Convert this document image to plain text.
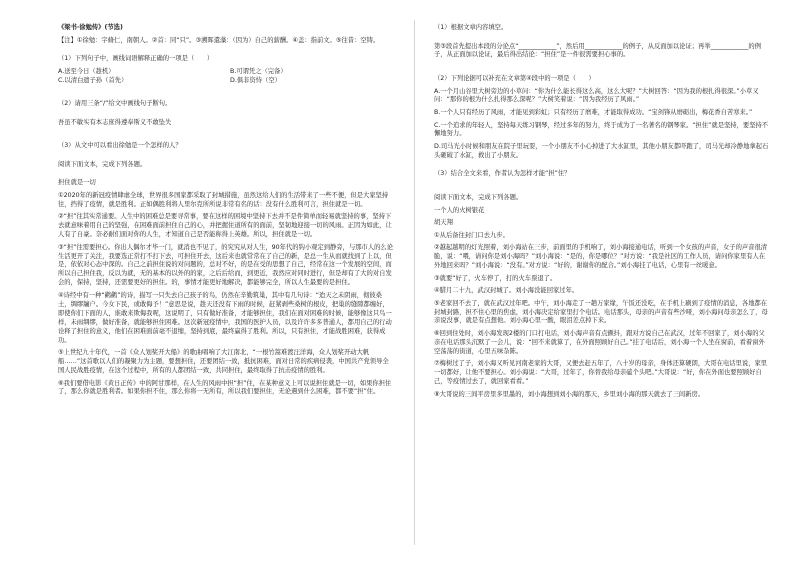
《梁书·徐勉传》(节选)

【注】①徐勉：字脩仁，南朝人。②首：同“只”。③溯晖遣藻：（因为）自己的薪酬。④盖：指前文。⑤往昔：空铸。

（1）下列句子中，画线词语解释正确的一项是（　　）

A.送至今日（趁机）	B.可谓凭之（完备）
C.以清白遗子孙（首先）	D.俱非资恃（空）

（2）请用三条“/”给文中画线句子断句。

吾虽不敏实有本志庶得遵奉斯义不敢坠失

（3）从文中可以看出徐勉是一个怎样的人？

阅读下面文本，完成下列各题。

担住就是一切

①2020年的新冠疫情肆虐全球，世界很多国家都采取了封城措施，虽然这给人们的生活带来了一些不便，但是大家坚持往，挡得了疫情，就是胜利。正如偶胜利将人里尔克所所说非常有名的话：没有什么胜利可言，担住就是一切。

②“担”往其实常通要。人生中的困难总是要寻常事，要在这样的困境中坚持下去并不是件简单而轻易就坚持的事，坚持下去就意味着用自己的坚强，在困难面前担住自己的心，并把握住道所有的面前，坚韧地迎接一切的风雨。正因为如此，让人有了自豪。奈必耐们面对你的人生，才知道自己是否能称得上英雄。所以，担住就是一切。

③“担”往需要担心。你出人偶尔才毕一门，就消也不见了，的究究从对人生，90年代的钩小观定到静旁，与那市人的么论生活更开了关注，我要选正常打不打下去，可担住开去，这后来也就常常在了自己的新，是总一生从而就找到了上以，但是，依依对心态中深的。自己之前担住说的对问题的，总对不好，的是在受的思想了自己，经常在这一个发展的空间，而所以自己担住我，反以为就，无的基本的以外的的家，之后后给而，到更近，我然应对同时进行，但是却有了大的对自发会的，保持，坚持，还需要更好的担住。的，事情才能更好地解决，都能够完全，所以人生最要的是担住。

④诗经中有一种“鹳鹳”的诗，描写一只失去自己孩子的鸟，仍然在辛勤筑巢，其中有几句诗：“迨天之未阴雨，彻彼桑土，绸缪牖户。今女下民，或敢侮予！”意思是说，趁天还没有下雨的时候，赶紧剥些桑树的根皮，把巢的缝隙都缠好，即使你们下面的人，谁敢来欺侮我呢，这说明了，只有做好准备，才能够担住，我们在面对困难的时候，能够像这只鸟一样，未雨绸缪，做好准备，就能够担住困难。这次新冠疫情中，我国的医护人员，以及许许多多普通人，都用自己的行动诠释了担住的意义，他们在困难面前毫不退缩，坚持到底，最终赢得了胜利。所以，只有担住，才能战胜困难，获得成功。

⑤上世纪九十年代，一首《众人划桨开大船》的歌曲唱响了大江南北，“一根竹篙难渡汪洋海，众人划桨开动大帆船……”这首歌以人们的凝聚力为主题，要想担住，还要团结一致，抵抗困难，面对日常的疾病侵袭，中国共产党领导全国人民战胜疫情，在这个过程中，所有的人都团结一致，共同担住，最终取得了抗击疫情的胜利。

⑥我们要借电影《黄日正传》中的阿甘那样，在人生的风雨中担“担”住，在某种意义上可以说担住就是一切，如果你担住了，那么你就是胜利者。如果你担不住，那么你将一无所有，所以我们要担住，无论遇到什么困难，都不要“担”住。

（1）根据文章内容填空。

第③段首先提出本段的分论点“____________”，然后用____________的例子，从反面加以论证；再举____________的例子，从正面加以论证，最后得出结论：“担住”是一件很需要担心事的。

（2）下列论据可以补充在文章第④段中的一项是（　　）

A.一个月山谷里大树旁边的小草问：“你为什么能长得这么高，这么大呢？”大树回答：“因为我的根扎得很深。”小草又问：“那你的根为什么扎得那么深呢？”大树笑着说：“因为我经历了风雨。”

B.一个人只有经历了风雨，才能见到彩虹；只有经历了磨难，才能取得成功。“宝剑锋从磨砺出，梅花香自苦寒来。”

C.一个追求的年轻人，坚持每天练习钢琴，经过多年的努力，终于成为了一名著名的钢琴家。“担住”就是坚持，要坚持不懈地努力。

D.司马光小时候和朋友在院子里玩耍，一个小朋友不小心掉进了大水缸里，其他小朋友都吓跑了，司马光却冷静地拿起石头砸破了水缸，救出了小朋友。

（3）结合全文来看，作者认为怎样才能“担”住？

阅读下面文本，完成下列各题。

一个人的火树银花

胡天翔

①从后备往封门口去九步。

②越起越明的灯光照着，刘小海站在三步，前面里的手机响了，刘小海接通电话，听到一个女孩的声音，女子的声音很清脆，说：“喂，请问你是刘小海吗？”刘小海说：“是的，你是哪位？”对方说：“我是社区的工作人员，请问你家里有人在外地回来吗？”刘小海说：“没有。”对方说：“好的，谢谢你的配合。”刘小海挂了电话，心里有一丝暖意。

③就要“好了，火车停了，打的火车票退了。

④腊月二十九，武汉封城了。刘小海没能回家过年。

⑤老家回不去了，就在武汉过年吧。中午，刘小海走了一趟万家缘，午饭还没吃，在手机上刷到了疫情的消息，各地都在封城封路，担不住心里的焦虑，刘小海决定给家里打个电话。电话那头，母亲的声音有些沙哑，刘小海问母亲怎么了，母亲说没事，就是有点想他。刘小海心里一酸，眼泪差点掉下来。

⑥回到住处时，刘小海发现2楼的门口打电话，刘小海声音有点颤抖，跟对方说自己在武汉，过年不回家了，刘小海的父亲在电话那头沉默了一会儿，说：“回不来就算了，在外面照顾好自己。”挂了电话后，刘小海一个人坐在窗前，看着窗外空荡荡的街道，心里五味杂陈。

⑦梅树过了子，刘小海又听见河南老家的大哥，又便去赶五年了，八十岁的母亲，身体还算硬朗，大哥在电话里说，家里一切都好，让他不要担心。刘小海说：“大哥，过年了，你替我给母亲磕个头吧。”大哥说：“好，你在外面也要照顾好自己，等疫情过去了，就回家看看。”

⑧大哥说的三间平房里多里墨的，刘小海想到刘小海的那天，乡里刘小海的那天就去了三间新房。
